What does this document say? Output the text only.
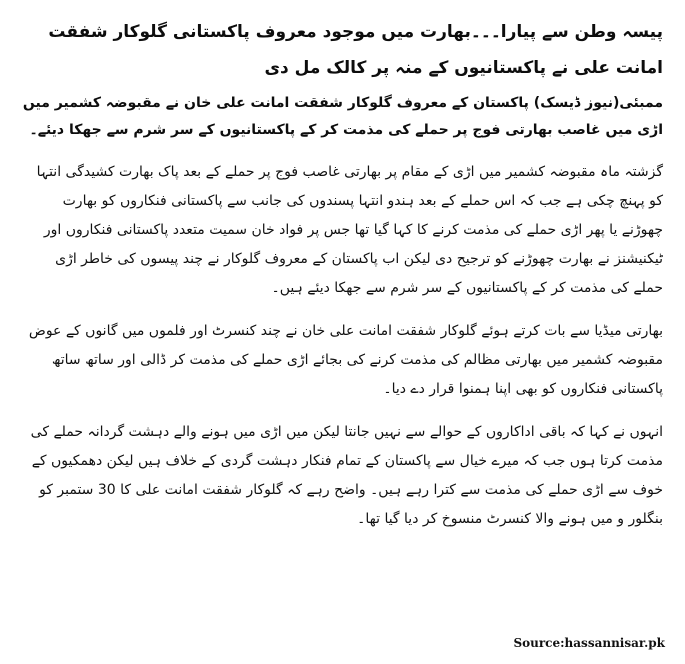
پیسہ وطن سے پیارا۔۔۔بھارت میں موجود معروف پاکستانی گلوکار شفقت امانت علی نے پاکستانیوں کے منہ پر کالک مل دی

ممبئی(نیوز ڈیسک) پاکستان کے معروف گلوکار شفقت امانت علی خان نے مقبوضہ کشمیر میں اڑی میں غاصب بھارتی فوج پر حملے کی مذمت کر کے پاکستانیوں کے سر شرم سے جھکا دیئے۔

گزشتہ ماہ مقبوضہ کشمیر میں اڑی کے مقام پر بھارتی غاصب فوج پر حملے کے بعد پاک بھارت کشیدگی انتہا کو پہنچ چکی ہے جب کہ اس حملے کے بعد ہندو انتہا پسندوں کی جانب سے پاکستانی فنکاروں کو بھارت چھوڑنے یا پھر اڑی حملے کی مذمت کرنے کا کہا گیا تھا جس پر فواد خان سمیت متعدد پاکستانی فنکاروں اور ٹیکنیشنز نے بھارت چھوڑنے کو ترجیح دی لیکن اب پاکستان کے معروف گلوکار نے چند پیسوں کی خاطر اڑی حملے کی مذمت کر کے پاکستانیوں کے سر شرم سے جھکا دیئے ہیں۔

بھارتی میڈیا سے بات کرتے ہوئے گلوکار شفقت امانت علی خان نے چند کنسرٹ اور فلموں میں گانوں کے عوض مقبوضہ کشمیر میں بھارتی مظالم کی مذمت کرنے کی بجائے اڑی حملے کی مذمت کر ڈالی اور ساتھ ساتھ پاکستانی فنکاروں کو بھی اپنا ہمنوا قرار دے دیا۔

انہوں نے کہا کہ باقی اداکاروں کے حوالے سے نہیں جانتا لیکن میں اڑی میں ہونے والے دہشت گردانہ حملے کی مذمت کرتا ہوں جب کہ میرے خیال سے پاکستان کے تمام فنکار دہشت گردی کے خلاف ہیں لیکن دھمکیوں کے خوف سے اڑی حملے کی مذمت سے کترا رہے ہیں۔ واضح رہے کہ گلوکار شفقت امانت علی کا 30 ستمبر کو بنگلور و میں ہونے والا کنسرٹ منسوخ کر دیا گیا تھا۔

Source:hassannisar.pk
